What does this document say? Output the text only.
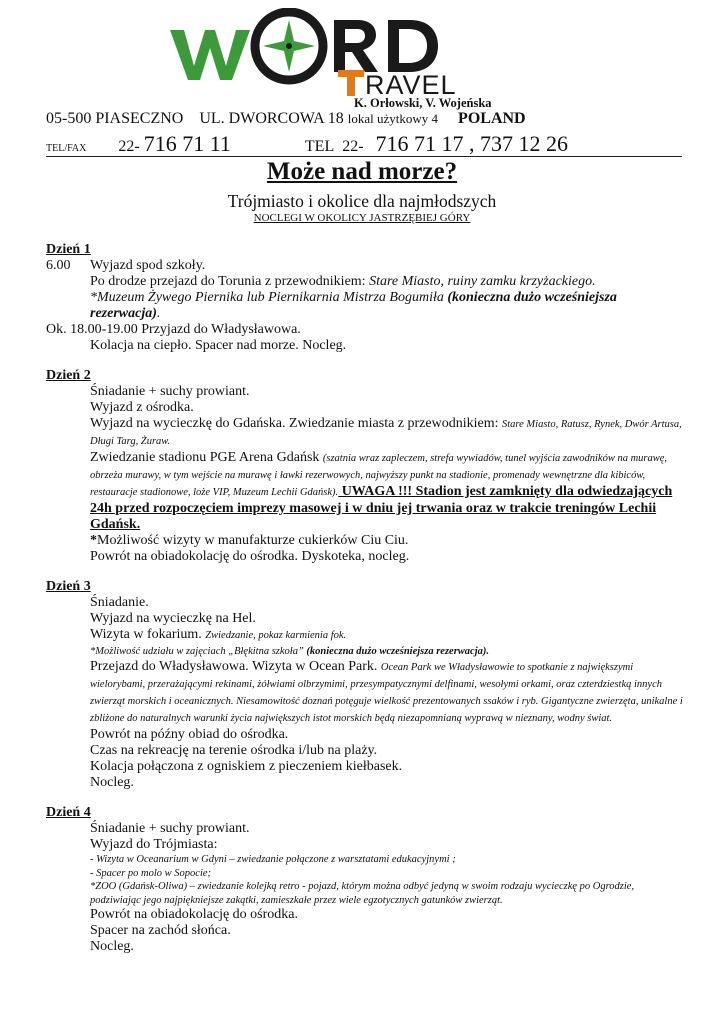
RAVEL
K. Orłowski, V. Wojeńska
05-500 PIASECZNO UL. DWORCOWA 18 lokal użytkowy 4 POLAND
TEL/FAX 22- 716 71 11	TEL 22- 716 71 17 , 737 12 26
Może nad morze?
Trójmiasto i okolice dla najmłodszych
NOCLEGI W OKOLICY JASTRZĘBIEJ GÓRY
Dzień 1
6.00	Wyjazd spod szkoły.
Po drodze przejazd do Torunia z przewodnikiem: Stare Miasto, ruiny zamku krzyżackiego.
*Muzeum Żywego Piernika lub Piernikarnia Mistrza Bogumiła (konieczna dużo wcześniejsza rezerwacja).
Ok. 18.00-19.00 Przyjazd do Władysławowa.
Kolacja na ciepło. Spacer nad morze. Nocleg.
Dzień 2
Śniadanie + suchy prowiant.
Wyjazd z ośrodka.
Wyjazd na wycieczkę do Gdańska. Zwiedzanie miasta z przewodnikiem: Stare Miasto, Ratusz, Rynek, Dwór Artusa, Długi Targ, Żuraw.
Zwiedzanie stadionu PGE Arena Gdańsk (szatnia wraz zapleczem, strefa wywiadów, tunel wyjścia zawodników na murawę, obrzeża murawy, w tym wejście na murawę i ławki rezerwowych, najwyższy punkt na stadionie, promenady wewnętrzne dla kibiców, restauracje stadionowe, loże VIP, Muzeum Lechii Gdańsk). UWAGA !!! Stadion jest zamknięty dla odwiedzających 24h przed rozpoczęciem imprezy masowej i w dniu jej trwania oraz w trakcie treningów Lechii Gdańsk.
*Możliwość wizyty w manufakturze cukierków Ciu Ciu.
Powrót na obiadokolację do ośrodka. Dyskoteka, nocleg.
Dzień 3
Śniadanie.
Wyjazd na wycieczkę na Hel.
Wizyta w fokarium. Zwiedzanie, pokaz karmienia fok.
*Możliwość udziału w zajęciach „Błękitna szkoła” (konieczna dużo wcześniejsza rezerwacja).
Przejazd do Władysławowa. Wizyta w Ocean Park. Ocean Park we Władysławowie to spotkanie z największymi wielorybami, przerażającymi rekinami, żółwiami olbrzymimi, przesympatycznymi delfinami, wesołymi orkami, oraz czterdziestką innych zwierząt morskich i oceanicznych. Niesamowitość doznań potęguje wielkość prezentowanych ssaków i ryb. Gigantyczne zwierzęta, unikalne i zbliżone do naturalnych warunki życia największych istot morskich będą niezapomnianą wyprawą w nieznany, wodny świat.
Powrót na późny obiad do ośrodka.
Czas na rekreację na terenie ośrodka i/lub na plaży.
Kolacja połączona z ogniskiem z pieczeniem kiełbasek.
Nocleg.
Dzień 4
Śniadanie + suchy prowiant.
Wyjazd do Trójmiasta:
- Wizyta w Oceanarium w Gdyni – zwiedzanie połączone z warsztatami edukacyjnymi ;
- Spacer po molo w Sopocie;
*ZOO (Gdańsk-Oliwa) – zwiedzanie kolejką retro - pojazd, którym można odbyć jedyną w swoim rodzaju wycieczkę po Ogrodzie, podziwiając jego najpiękniejsze zakątki, zamieszkałe przez wiele egzotycznych gatunków zwierząt.
Powrót na obiadokolację do ośrodka.
Spacer na zachód słońca.
Nocleg.
